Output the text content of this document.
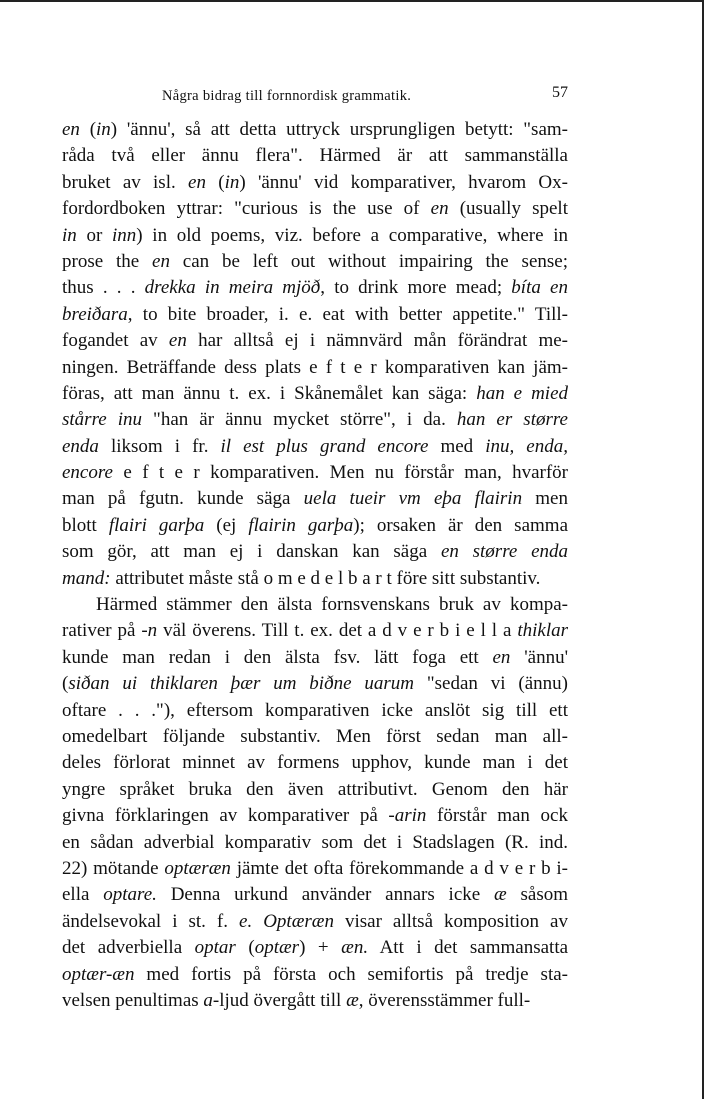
Några bidrag till fornnordisk grammatik.	57
en (in) 'ännu', så att detta uttryck ursprungligen betytt: "sam-
råda två eller ännu flera". Härmed är att sammanställa
bruket av isl. en (in) 'ännu' vid komparativer, hvarom Ox-
fordordboken yttrar: "curious is the use of en (usually spelt
in or inn) in old poems, viz. before a comparative, where in
prose the en can be left out without impairing the sense;
thus . . . drekka in meira mjöð, to drink more mead; bíta en
breiðara, to bite broader, i. e. eat with better appetite." Till-
fogandet av en har alltså ej i nämnvärd mån förändrat me-
ningen. Beträffande dess plats e f t e r komparativen kan jäm-
föras, att man ännu t. ex. i Skånemålet kan säga: han e mied
stårre inu "han är ännu mycket större", i da. han er større
enda liksom i fr. il est plus grand encore med inu, enda,
encore e f t e r komparativen. Men nu förstår man, hvarför
man på fgutn. kunde säga uela tueir vm eþa flairin men
blott flairi garþa (ej flairin garþa); orsaken är den samma
som gör, att man ej i danskan kan säga en større enda
mand: attributet måste stå o m e d e l b a r t före sitt substantiv.
Härmed stämmer den älsta fornsvenskans bruk av kompa-
rativer på -n väl överens. Till t. ex. det a d v e r b i e l l a thiklar
kunde man redan i den älsta fsv. lätt foga ett en 'ännu'
(siðan ui thiklaren þær um biðne uarum "sedan vi (ännu)
oftare . . ."), eftersom komparativen icke anslöt sig till ett
omedelbart följande substantiv. Men först sedan man all-
deles förlorat minnet av formens upphov, kunde man i det
yngre språket bruka den även attributivt. Genom den här
givna förklaringen av komparativer på -arin förstår man ock
en sådan adverbial komparativ som det i Stadslagen (R. ind.
22) mötande optæræn jämte det ofta förekommande a d v e r b i-
ella optare. Denna urkund använder annars icke æ såsom
ändelsevokal i st. f. e. Optæræn visar alltså komposition av
det adverbiella optar (optær) + æn. Att i det sammansatta
optær-æn med fortis på första och semifortis på tredje sta-
velsen penultimas a-ljud övergått till æ, överensstämmer full-
